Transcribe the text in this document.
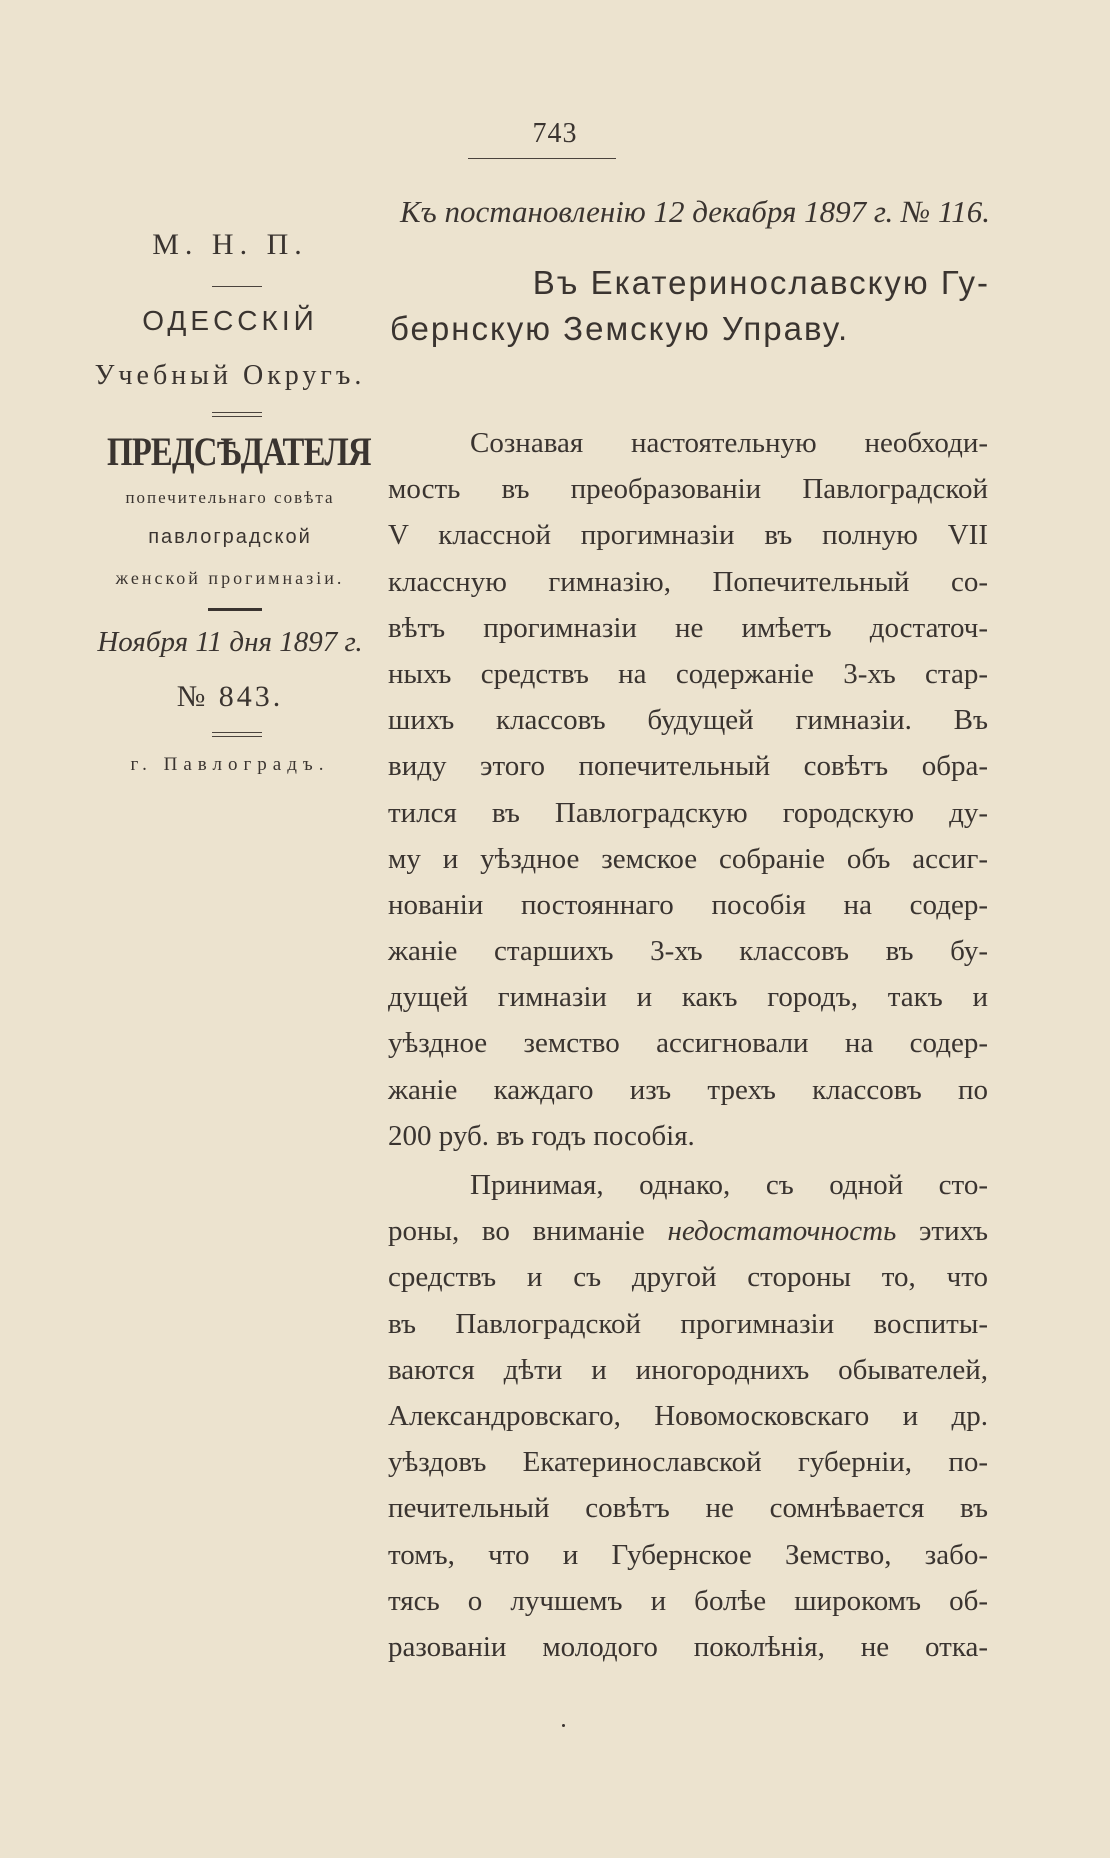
743
Къ постановленію 12 декабря 1897 г. № 116.
М. Н. П.
ОДЕССКІЙ
Учебный Округъ.
ПРЕДСѢДАТЕЛЯ
попечительнаго совѣта
павлоградской
женской прогимназіи.
Ноября 11 дня 1897 г.
№ 843.
г. Павлоградъ.
Въ Екатеринославскую Гу-
бернскую Земскую Управу.
Сознавая настоятельную необходи-
мость въ преобразованіи Павлоградской
V классной прогимназіи въ полную VII
классную гимназію, Попечительный со-
вѣтъ прогимназіи не имѣетъ достаточ-
ныхъ средствъ на содержаніе 3-хъ стар-
шихъ классовъ будущей гимназіи. Въ
виду этого попечительный совѣтъ обра-
тился въ Павлоградскую городскую ду-
му и уѣздное земское собраніе объ ассиг-
нованіи постояннаго пособія на содер-
жаніе старшихъ 3-хъ классовъ въ бу-
дущей гимназіи и какъ городъ, такъ и
уѣздное земство ассигновали на содер-
жаніе каждаго изъ трехъ классовъ по
200 руб. въ годъ пособія.
Принимая, однако, съ одной сто-
роны, во вниманіе недостаточность этихъ
средствъ и съ другой стороны то, что
въ Павлоградской прогимназіи воспиты-
ваются дѣти и иногороднихъ обывателей,
Александровскаго, Новомосковскаго и др.
уѣздовъ Екатеринославской губерніи, по-
печительный совѣтъ не сомнѣвается въ
томъ, что и Губернское Земство, забо-
тясь о лучшемъ и болѣе широкомъ об-
разованіи молодого поколѣнія, не отка-
